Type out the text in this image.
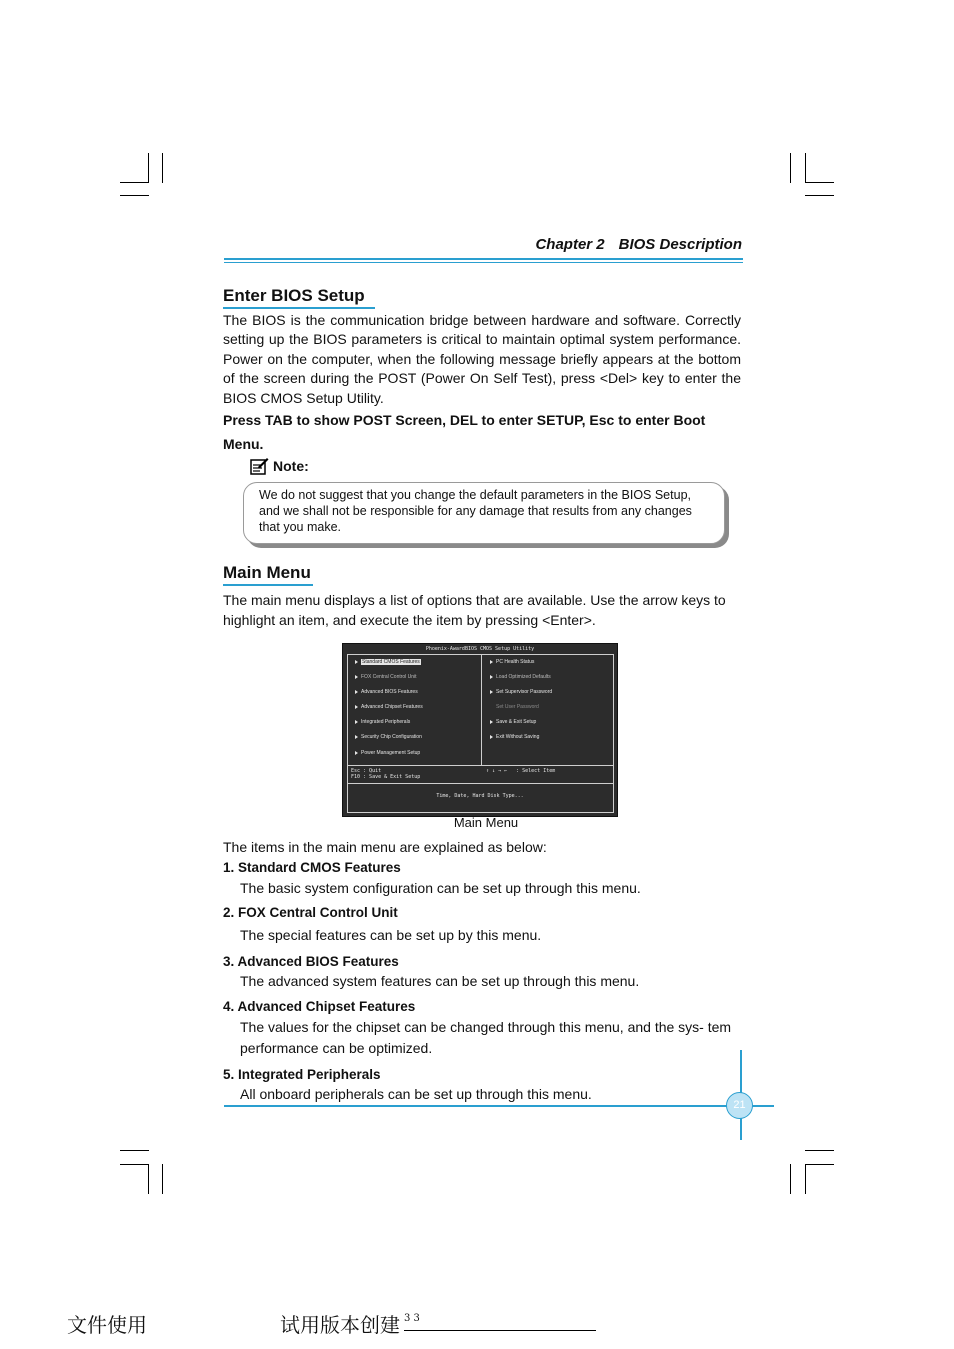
Chapter 2 BIOS Description
Enter BIOS Setup
The BIOS is the communication bridge between hardware and software. Correctly setting up the BIOS parameters is critical to maintain optimal system performance. Power on the computer, when the following message briefly appears at the bottom of the screen during the POST (Power On Self Test), press <Del> key to enter the BIOS CMOS Setup Utility.
Press TAB to show POST Screen, DEL to enter SETUP, Esc to enter Boot
Menu.
Note:
We do not suggest that you change the default parameters in the BIOS Setup, and we shall not be responsible for any damage that results from any changes that you make.
Main Menu
The main menu displays a list of options that are available. Use the arrow keys to highlight an item, and execute the item by pressing <Enter>.
Phoenix-AwardBIOS CMOS Setup Utility
Standard CMOS Features
FOX Central Control Unit
Advanced BIOS Features
Advanced Chipset Features
Integrated Peripherals
Security Chip Configuration
Power Management Setup
PC Health Status
Load Optimized Defaults
Set Supervisor Password
Set User Password
Save & Exit Setup
Exit Without Saving
Esc : Quit
F10 : Save & Exit Setup
↑ ↓ → ←   : Select Item
Time, Date, Hard Disk Type...
Main Menu
The items in the main menu are explained as below:
1. Standard CMOS Features
The basic system configuration can be set up through this menu.
2. FOX Central Control Unit
The special features can be set up by this menu.
3. Advanced BIOS Features
The advanced system features can be set up through this menu.
4. Advanced Chipset Features
The values for the chipset can be changed through this menu, and the sys- tem performance can be optimized.
5. Integrated Peripherals
All onboard peripherals can be set up through this menu.
21
文件使用	试用版本创建 3 3
